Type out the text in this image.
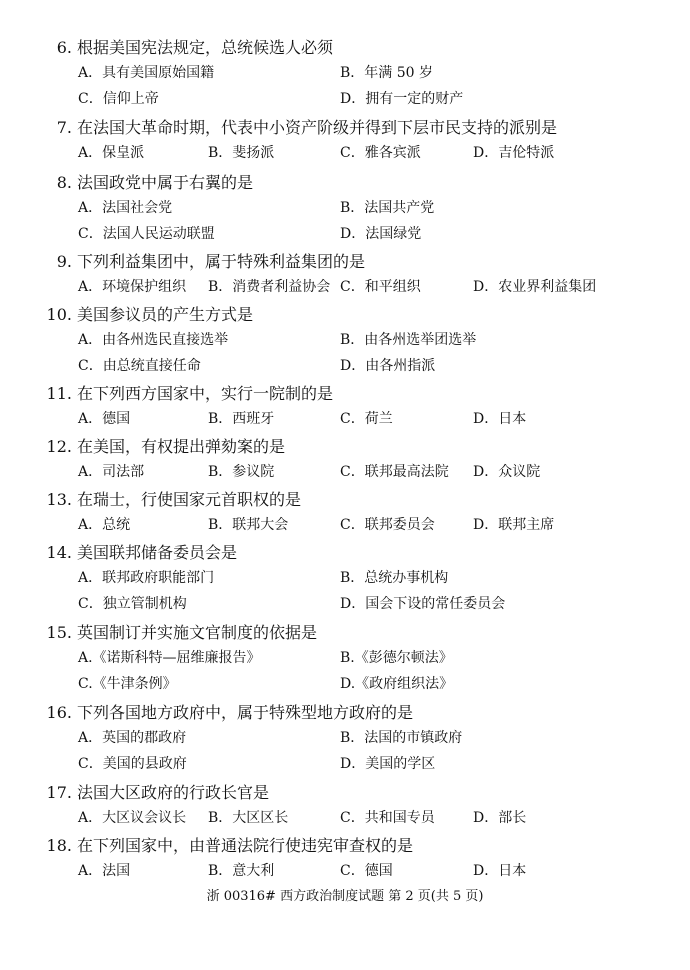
6. 根据美国宪法规定，总统候选人必须
A．具有美国原始国籍	B．年满 50 岁
C．信仰上帝	D．拥有一定的财产
7. 在法国大革命时期，代表中小资产阶级并得到下层市民支持的派别是
A．保皇派	B．斐扬派	C．雅各宾派	D．吉伦特派
8. 法国政党中属于右翼的是
A．法国社会党	B．法国共产党
C．法国人民运动联盟	D．法国绿党
9. 下列利益集团中，属于特殊利益集团的是
A．环境保护组织 B．消费者利益协会 C．和平组织	D．农业界利益集团
10. 美国参议员的产生方式是
A．由各州选民直接选举	B．由各州选举团选举
C．由总统直接任命	D．由各州指派
11. 在下列西方国家中，实行一院制的是
A．德国	B．西班牙	C．荷兰	D．日本
12. 在美国，有权提出弹劾案的是
A．司法部	B．参议院	C．联邦最高法院 D．众议院
13. 在瑞士，行使国家元首职权的是
A．总统	B．联邦大会	C．联邦委员会	D．联邦主席
14. 美国联邦储备委员会是
A．联邦政府职能部门	B．总统办事机构
C．独立管制机构	D．国会下设的常任委员会
15. 英国制订并实施文官制度的依据是
A.《诺斯科特—屈维廉报告》	B.《彭德尔顿法》
C.《牛津条例》	D.《政府组织法》
16. 下列各国地方政府中，属于特殊型地方政府的是
A．英国的郡政府	B．法国的市镇政府
C．美国的县政府	D．美国的学区
17. 法国大区政府的行政长官是
A．大区议会议长 B．大区区长	C．共和国专员	D．部长
18. 在下列国家中，由普通法院行使违宪审查权的是
A．法国	B．意大利	C．德国	D．日本
浙 00316# 西方政治制度试题 第 2 页(共 5 页)
